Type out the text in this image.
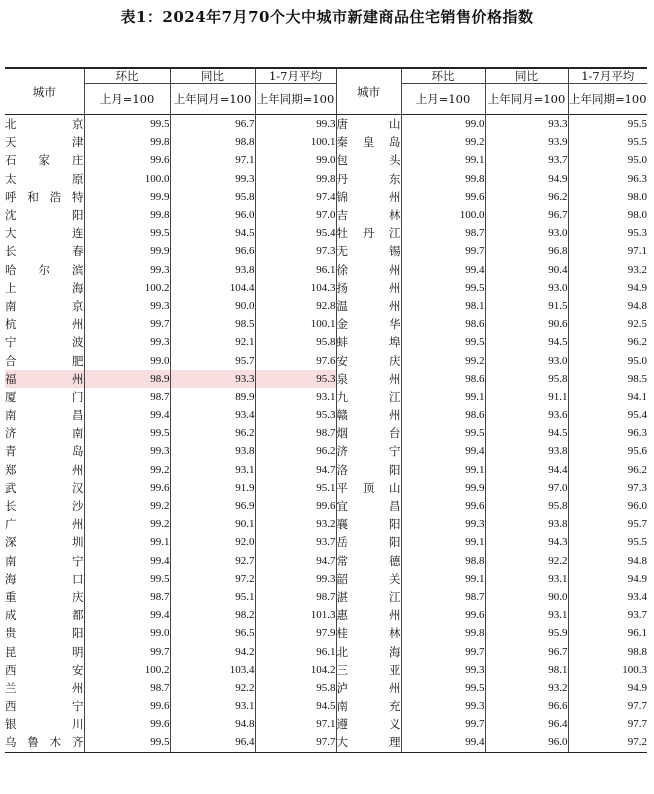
表1：2024年7月70个大中城市新建商品住宅销售价格指数
城市	环比	同比	1-7月平均	城市	环比	同比	1-7月平均
	上月=100	上年同月=100	上年同期=100		上月=100	上年同月=100	上年同期=100
北京	99.5	96.7	99.3	唐山	99.0	93.3	95.5
天津	99.8	98.8	100.1	秦皇岛	99.2	93.9	95.5
石家庄	99.6	97.1	99.0	包头	99.1	93.7	95.0
太原	100.0	99.3	99.8	丹东	99.8	94.9	96.3
呼和浩特	99.9	95.8	97.4	锦州	99.6	96.2	98.0
沈阳	99.8	96.0	97.0	吉林	100.0	96.7	98.0
大连	99.5	94.5	95.4	牡丹江	98.7	93.0	95.3
长春	99.9	96.6	97.3	无锡	99.7	96.8	97.1
哈尔滨	99.3	93.8	96.1	徐州	99.4	90.4	93.2
上海	100.2	104.4	104.3	扬州	99.5	93.0	94.9
南京	99.3	90.0	92.8	温州	98.1	91.5	94.8
杭州	99.7	98.5	100.1	金华	98.6	90.6	92.5
宁波	99.3	92.1	95.8	蚌埠	99.5	94.5	96.2
合肥	99.0	95.7	97.6	安庆	99.2	93.0	95.0
福州	98.9	93.3	95.3	泉州	98.6	95.8	98.5
厦门	98.7	89.9	93.1	九江	99.1	91.1	94.1
南昌	99.4	93.4	95.3	赣州	98.6	93.6	95.4
济南	99.5	96.2	98.7	烟台	99.5	94.5	96.3
青岛	99.3	93.8	96.2	济宁	99.4	93.8	95.6
郑州	99.2	93.1	94.7	洛阳	99.1	94.4	96.2
武汉	99.6	91.9	95.1	平顶山	99.9	97.0	97.3
长沙	99.2	96.9	99.6	宜昌	99.6	95.8	96.0
广州	99.2	90.1	93.2	襄阳	99.3	93.8	95.7
深圳	99.1	92.0	93.7	岳阳	99.1	94.3	95.5
南宁	99.4	92.7	94.7	常德	98.8	92.2	94.8
海口	99.5	97.2	99.3	韶关	99.1	93.1	94.9
重庆	98.7	95.1	98.7	湛江	98.7	90.0	93.4
成都	99.4	98.2	101.3	惠州	99.6	93.1	93.7
贵阳	99.0	96.5	97.9	桂林	99.8	95.9	96.1
昆明	99.7	94.2	96.1	北海	99.7	96.7	98.8
西安	100.2	103.4	104.2	三亚	99.3	98.1	100.3
兰州	98.7	92.2	95.8	泸州	99.5	93.2	94.9
西宁	99.6	93.1	94.5	南充	99.3	96.6	97.7
银川	99.6	94.8	97.1	遵义	99.7	96.4	97.7
乌鲁木齐	99.5	96.4	97.7	大理	99.4	96.0	97.2
